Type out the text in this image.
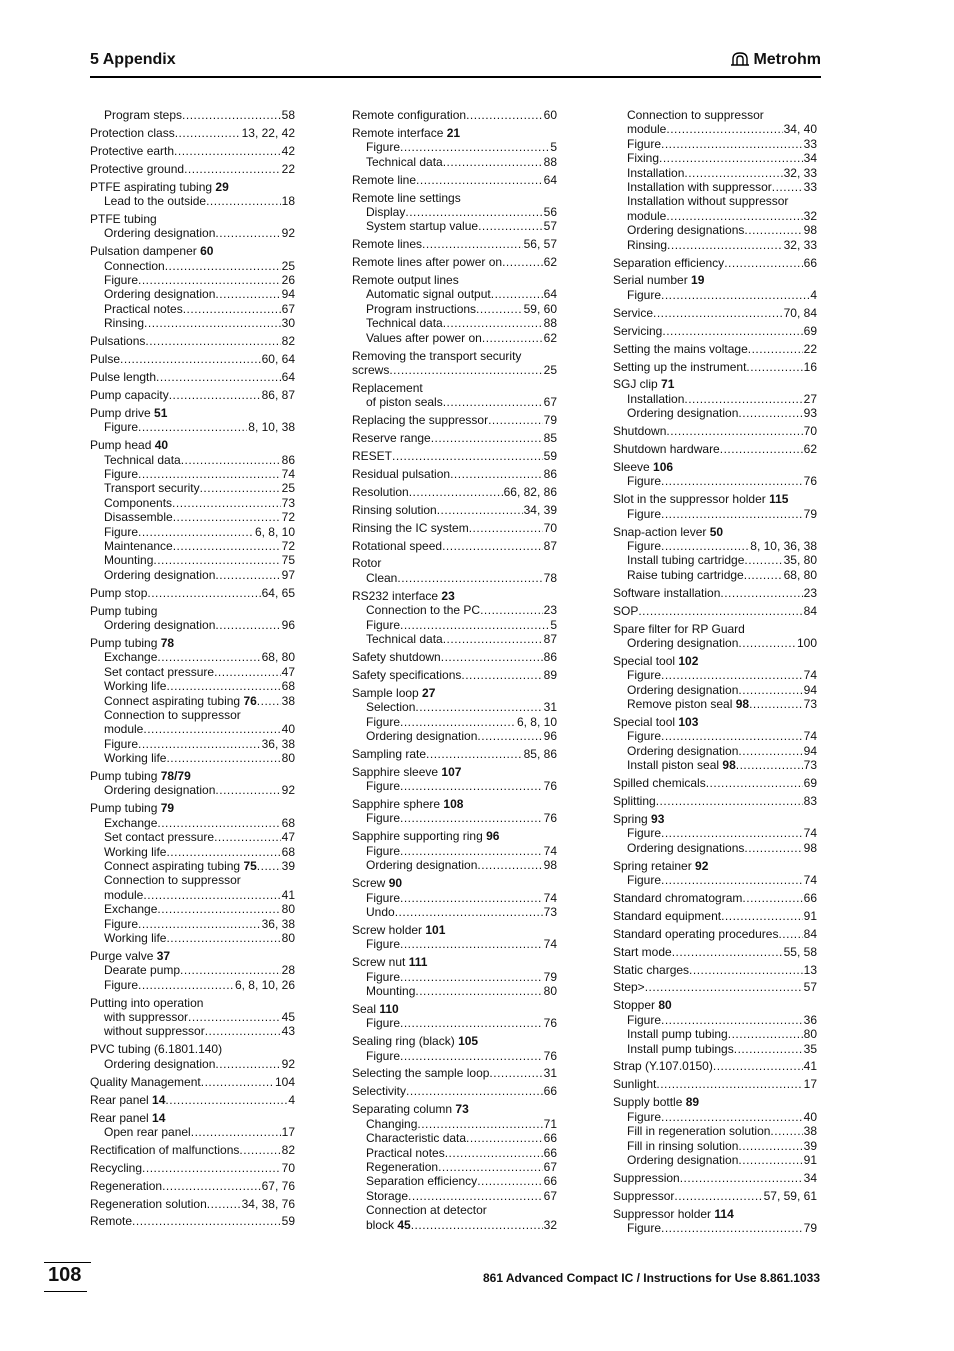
5 Appendix	Metrohm
Program steps .....	58
Protection class .....	13, 22, 42
Protective earth .....	42
Protective ground .....	22
PTFE aspirating tubing 29
Lead to the outside .....	18
PTFE tubing
Ordering designation .....	92
Pulsation dampener 60
Connection .....	25
Figure .....	26
Ordering designation .....	94
Practical notes .....	67
Rinsing .....	30
Pulsations .....	82
Pulse .....	60, 64
Pulse length .....	64
Pump capacity .....	86, 87
Pump drive 51
Figure .....	8, 10, 38
Pump head 40
Technical data .....	86
Figure .....	74
Transport security .....	25
Components .....	73
Disassemble .....	72
Figure .....	6, 8, 10
Maintenance .....	72
Mounting .....	75
Ordering designation .....	97
Pump stop .....	64, 65
Pump tubing
Ordering designation .....	96
Pump tubing 78
Exchange .....	68, 80
Set contact pressure .....	47
Working life .....	68
Connect aspirating tubing 76 ..... 38
Connection to suppressor
module .....	40
Figure .....	36, 38
Working life .....	80
Pump tubing 78/79
Ordering designation .....	92
Pump tubing 79
Exchange .....	68
Set contact pressure .....	47
Working life .....	68
Connect aspirating tubing 75 ..... 39
Connection to suppressor
module .....	41
Exchange .....	80
Figure .....	36, 38
Working life .....	80
Purge valve 37
Dearate pump .....	28
Figure .....	6, 8, 10, 26
Putting into operation
with suppressor .....	45
without suppressor .....	43
PVC tubing (6.1801.140)
Ordering designation .....	92
Quality Management .....	104
Rear panel 14 .....	4
Rear panel 14
Open rear panel .....	17
Rectification of malfunctions .....	82
Recycling .....	70
Regeneration .....	67, 76
Regeneration solution .....	34, 38, 76
Remote .....	59
Remote configuration .....	60
Remote interface 21
Figure .....	5
Technical data .....	88
Remote line .....	64
Remote line settings
Display .....	56
System startup value .....	57
Remote lines .....	56, 57
Remote lines after power on .....	62
Remote output lines
Automatic signal output .....	64
Program instructions .....	59, 60
Technical data .....	88
Values after power on .....	62
Removing the transport security
screws .....	25
Replacement
of piston seals .....	67
Replacing the suppressor .....	79
Reserve range .....	85
RESET .....	59
Residual pulsation .....	86
Resolution .....	66, 82, 86
Rinsing solution .....	34, 39
Rinsing the IC system .....	70
Rotational speed .....	87
Rotor
Clean .....	78
RS232 interface 23
Connection to the PC .....	23
Figure .....	5
Technical data .....	87
Safety shutdown .....	86
Safety specifications .....	89
Sample loop 27
Selection .....	31
Figure .....	6, 8, 10
Ordering designation .....	96
Sampling rate .....	85, 86
Sapphire sleeve 107
Figure .....	76
Sapphire sphere 108
Figure .....	76
Sapphire supporting ring 96
Figure .....	74
Ordering designation .....	98
Screw 90
Figure .....	74
Undo .....	73
Screw holder 101
Figure .....	74
Screw nut 111
Figure .....	79
Mounting .....	80
Seal 110
Figure .....	76
Sealing ring (black) 105
Figure .....	76
Selecting the sample loop .....	31
Selectivity .....	66
Separating column 73
Changing .....	71
Characteristic data .....	66
Practical notes .....	66
Regeneration .....	67
Separation efficiency .....	66
Storage .....	67
Connection at detector
block 45 .....	32
Connection to suppressor
module .....	34, 40
Figure .....	33
Fixing .....	34
Installation .....	32, 33
Installation with suppressor .....	33
Installation without suppressor
module .....	32
Ordering designations .....	98
Rinsing .....	32, 33
Separation efficiency .....	66
Serial number 19
Figure .....	4
Service .....	70, 84
Servicing .....	69
Setting the mains voltage .....	22
Setting up the instrument .....	16
SGJ clip 71
Installation .....	27
Ordering designation .....	93
Shutdown .....	70
Shutdown hardware .....	62
Sleeve 106
Figure .....	76
Slot in the suppressor holder 115
Figure .....	79
Snap-action lever 50
Figure .....	8, 10, 36, 38
Install tubing cartridge .....	35, 80
Raise tubing cartridge .....	68, 80
Software installation .....	23
SOP .....	84
Spare filter for RP Guard
Ordering designation .....	100
Special tool 102
Figure .....	74
Ordering designation .....	94
Remove piston seal 98 .....	73
Special tool 103
Figure .....	74
Ordering designation .....	94
Install piston seal 98 .....	73
Spilled chemicals .....	69
Splitting .....	83
Spring 93
Figure .....	74
Ordering designations .....	98
Spring retainer 92
Figure .....	74
Standard chromatogram .....	66
Standard equipment .....	91
Standard operating procedures ..... 84
Start mode .....	55, 58
Static charges .....	13
Step> .....	57
Stopper 80
Figure .....	36
Install pump tubing .....	80
Install pump tubings .....	35
Strap (Y.107.0150) .....	41
Sunlight .....	17
Supply bottle 89
Figure .....	40
Fill in regeneration solution .....	38
Fill in rinsing solution .....	39
Ordering designation .....	91
Suppression .....	34
Suppressor .....	57, 59, 61
Suppressor holder 114
Figure .....	79
108	861 Advanced Compact IC / Instructions for Use 8.861.1033
